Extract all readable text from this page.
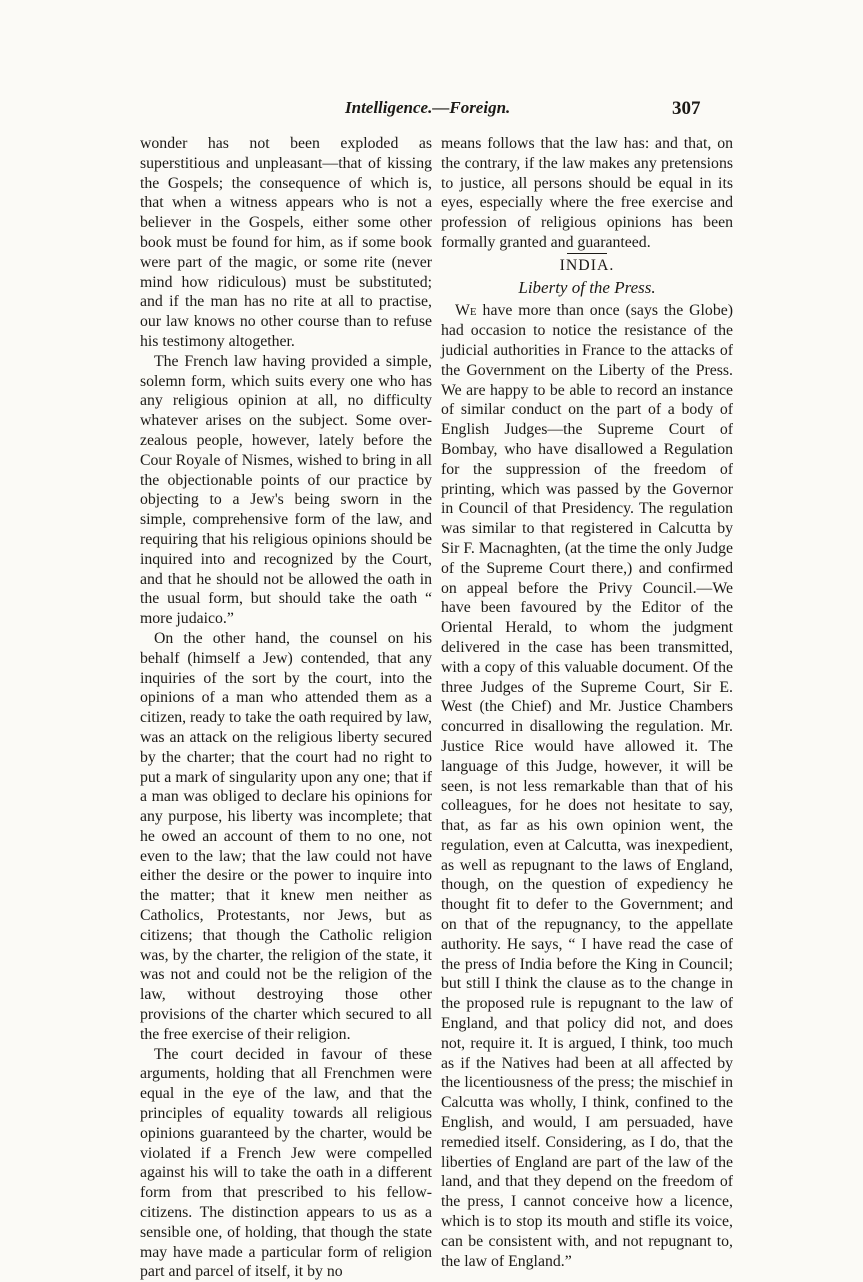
Intelligence.—Foreign.	307

wonder has not been exploded as superstitious and unpleasant—that of kissing the Gospels; the consequence of which is, that when a witness appears who is not a believer in the Gospels, either some other book must be found for him, as if some book were part of the magic, or some rite (never mind how ridiculous) must be substituted; and if the man has no rite at all to practise, our law knows no other course than to refuse his testimony altogether.

The French law having provided a simple, solemn form, which suits every one who has any religious opinion at all, no difficulty whatever arises on the subject. Some over-zealous people, however, lately before the Cour Royale of Nismes, wished to bring in all the objectionable points of our practice by objecting to a Jew's being sworn in the simple, comprehensive form of the law, and requiring that his religious opinions should be inquired into and recognized by the Court, and that he should not be allowed the oath in the usual form, but should take the oath “ more judaico.”

On the other hand, the counsel on his behalf (himself a Jew) contended, that any inquiries of the sort by the court, into the opinions of a man who attended them as a citizen, ready to take the oath required by law, was an attack on the religious liberty secured by the charter; that the court had no right to put a mark of singularity upon any one; that if a man was obliged to declare his opinions for any purpose, his liberty was incomplete; that he owed an account of them to no one, not even to the law; that the law could not have either the desire or the power to inquire into the matter; that it knew men neither as Catholics, Protestants, nor Jews, but as citizens; that though the Catholic religion was, by the charter, the religion of the state, it was not and could not be the religion of the law, without destroying those other provisions of the charter which secured to all the free exercise of their religion.

The court decided in favour of these arguments, holding that all Frenchmen were equal in the eye of the law, and that the principles of equality towards all religious opinions guaranteed by the charter, would be violated if a French Jew were compelled against his will to take the oath in a different form from that prescribed to his fellow-citizens. The distinction appears to us as a sensible one, of holding, that though the state may have made a particular form of religion part and parcel of itself, it by no

means follows that the law has: and that, on the contrary, if the law makes any pretensions to justice, all persons should be equal in its eyes, especially where the free exercise and profession of religious opinions has been formally granted and guaranteed.

INDIA.
Liberty of the Press.

We have more than once (says the Globe) had occasion to notice the resistance of the judicial authorities in France to the attacks of the Government on the Liberty of the Press. We are happy to be able to record an instance of similar conduct on the part of a body of English Judges—the Supreme Court of Bombay, who have disallowed a Regulation for the suppression of the freedom of printing, which was passed by the Governor in Council of that Presidency. The regulation was similar to that registered in Calcutta by Sir F. Macnaghten, (at the time the only Judge of the Supreme Court there,) and confirmed on appeal before the Privy Council.—We have been favoured by the Editor of the Oriental Herald, to whom the judgment delivered in the case has been transmitted, with a copy of this valuable document. Of the three Judges of the Supreme Court, Sir E. West (the Chief) and Mr. Justice Chambers concurred in disallowing the regulation. Mr. Justice Rice would have allowed it. The language of this Judge, however, it will be seen, is not less remarkable than that of his colleagues, for he does not hesitate to say, that, as far as his own opinion went, the regulation, even at Calcutta, was inexpedient, as well as repugnant to the laws of England, though, on the question of expediency he thought fit to defer to the Government; and on that of the repugnancy, to the appellate authority. He says, “ I have read the case of the press of India before the King in Council; but still I think the clause as to the change in the proposed rule is repugnant to the law of England, and that policy did not, and does not, require it. It is argued, I think, too much as if the Natives had been at all affected by the licentiousness of the press; the mischief in Calcutta was wholly, I think, confined to the English, and would, I am persuaded, have remedied itself. Considering, as I do, that the liberties of England are part of the law of the land, and that they depend on the freedom of the press, I cannot conceive how a licence, which is to stop its mouth and stifle its voice, can be consistent with, and not repugnant to, the law of England.”
